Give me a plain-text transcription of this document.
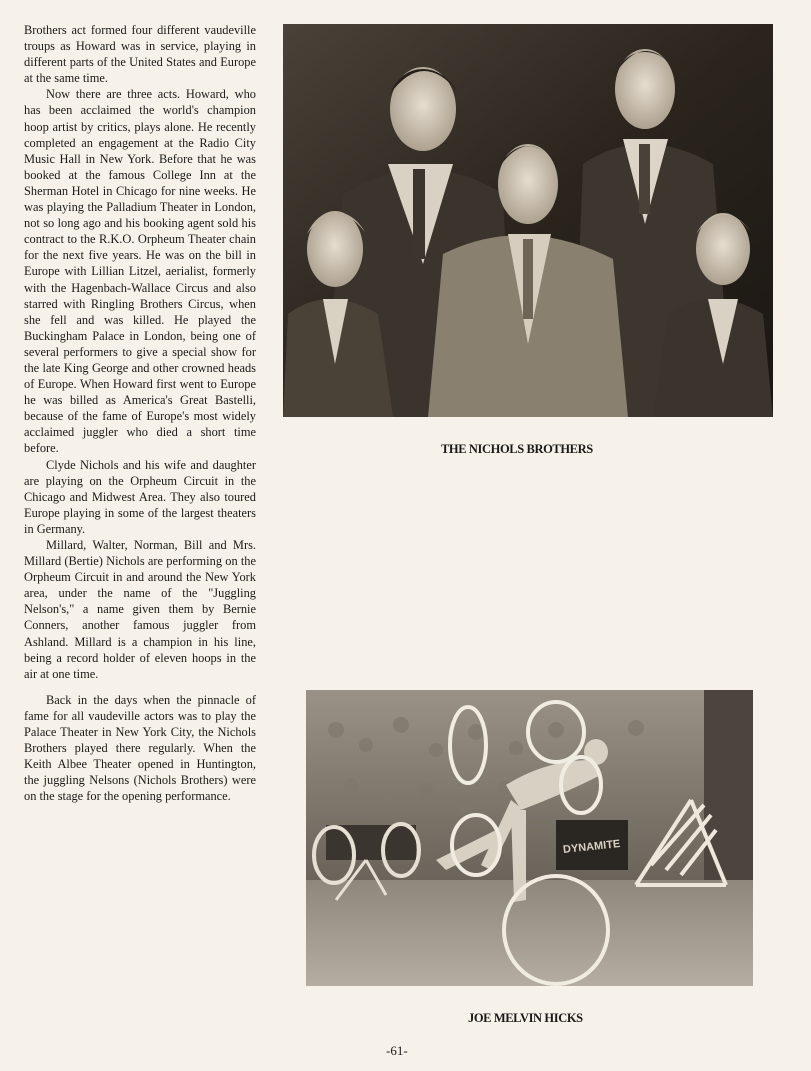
Brothers act formed four different vaudeville troups as Howard was in service, playing in different parts of the United States and Europe at the same time.

Now there are three acts. Howard, who has been acclaimed the world's champion hoop artist by critics, plays alone. He recently completed an engagement at the Radio City Music Hall in New York. Before that he was booked at the famous College Inn at the Sherman Hotel in Chicago for nine weeks. He was playing the Palladium Theater in London, not so long ago and his booking agent sold his contract to the R.K.O. Orpheum Theater chain for the next five years. He was on the bill in Europe with Lillian Litzel, aerialist, formerly with the Hagenbach-Wallace Circus and also starred with Ringling Brothers Circus, when she fell and was killed. He played the Buckingham Palace in London, being one of several performers to give a special show for the late King George and other crowned heads of Europe. When Howard first went to Europe he was billed as America's Great Bastelli, because of the fame of Europe's most widely acclaimed juggler who died a short time before.

Clyde Nichols and his wife and daughter are playing on the Orpheum Circuit in the Chicago and Midwest Area. They also toured Europe playing in some of the largest theaters in Germany.

Millard, Walter, Norman, Bill and Mrs. Millard (Bertie) Nichols are performing on the Orpheum Circuit in and around the New York area, under the name of the "Juggling Nelson's," a name given them by Bernie Conners, another famous juggler from Ashland. Millard is a champion in his line, being a record holder of eleven hoops in the air at one time.

Back in the days when the pinnacle of fame for all vaudeville actors was to play the Palace Theater in New York City, the Nichols Brothers played there regularly. When the Keith Albee Theater opened in Huntington, the juggling Nelsons (Nichols Brothers) were on the stage for the opening performance.

THE NICHOLS BROTHERS
DYNAMITE
JOE MELVIN HICKS
-61-
